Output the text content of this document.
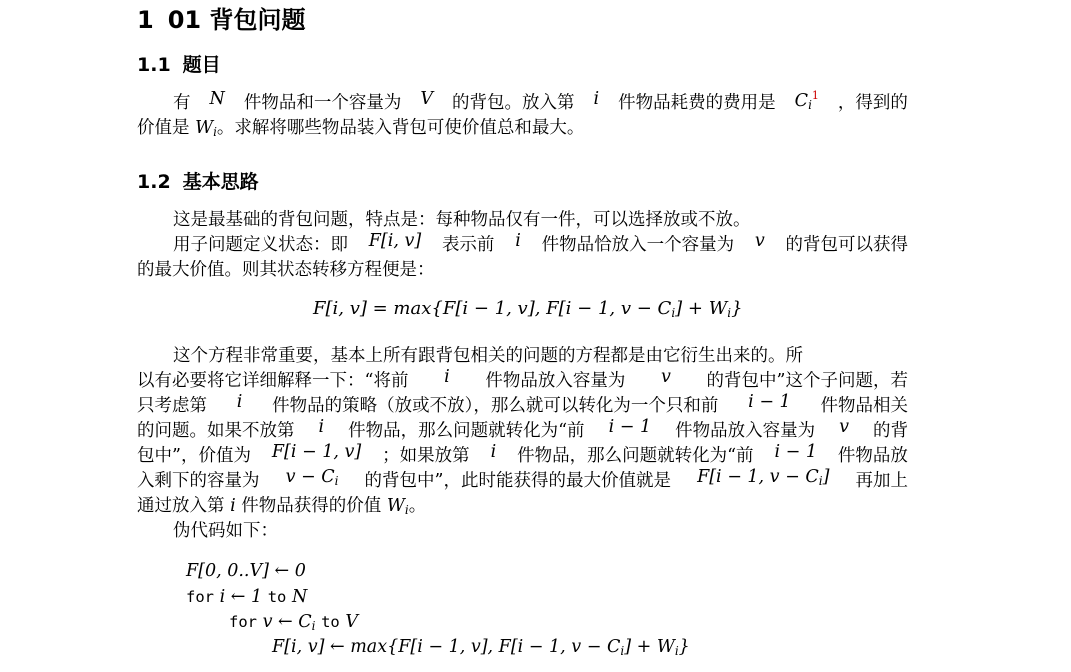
1 01 背包问题
1.1 题目
有 N 件物品和一个容量为 V 的背包。放入第 i 件物品耗费的费用是 $C_i^1$ ，得到的
价值是 $W_i$。求解将哪些物品装入背包可使价值总和最大。
1.2 基本思路
这是最基础的背包问题，特点是：每种物品仅有一件，可以选择放或不放。
用子问题定义状态：即 F[i, v] 表示前 i 件物品恰放入一个容量为 v 的背包可以获得
的最大价值。则其状态转移方程便是：
F[i, v] = max{F[i − 1, v], F[i − 1, $v - C_i] + W_i$}
这个方程非常重要，基本上所有跟背包相关的问题的方程都是由它衍生出来的。所
以有必要将它详细解释一下：“将前 i 件物品放入容量为 v 的背包中”这个子问题，若
只考虑第 i 件物品的策略（放或不放），那么就可以转化为一个只和前 i − 1 件物品相关
的问题。如果不放第 i 件物品，那么问题就转化为“前 i − 1 件物品放入容量为 v 的背
包中”，价值为 F[i − 1, v] ；如果放第 i 件物品，那么问题就转化为“前 i − 1 件物品放
入剩下的容量为 $v - C_i$ 的背包中”，此时能获得的最大价值就是 F[i − 1, $v - C_i$] 再加上
通过放入第 i 件物品获得的价值 $W_i$。
伪代码如下：
F[0, 0..V] ← 0
for i ← 1 to N
for v ← $C_i$ to V
F[i, v] ← max{F[i − 1, v], F[i − 1, $v - C_i] + W_i$}
